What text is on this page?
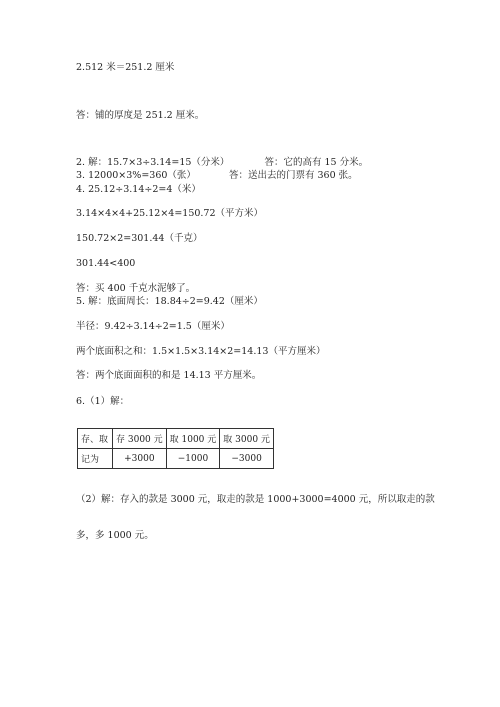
2.512 米＝251.2 厘米
答：铺的厚度是 251.2 厘米。
2. 解：15.7×3÷3.14=15（分米）	答：它的高有 15 分米。
3. 12000×3%=360（张）	答：送出去的门票有 360 张。
4. 25.12÷3.14÷2=4（米）
3.14×4×4+25.12×4=150.72（平方米）
150.72×2=301.44（千克）
301.44<400
答：买 400 千克水泥够了。
5. 解：底面周长：18.84÷2=9.42（厘米）
半径：9.42÷3.14÷2=1.5（厘米）
两个底面积之和：1.5×1.5×3.14×2=14.13（平方厘米）
答：两个底面面积的和是 14.13 平方厘米。
6.（1）解：
存、取	存 3000 元	取 1000 元	取 3000 元
记为	+3000	−1000	−3000
（2）解：存入的款是 3000 元，取走的款是 1000+3000=4000 元，所以取走的款
多，多 1000 元。
